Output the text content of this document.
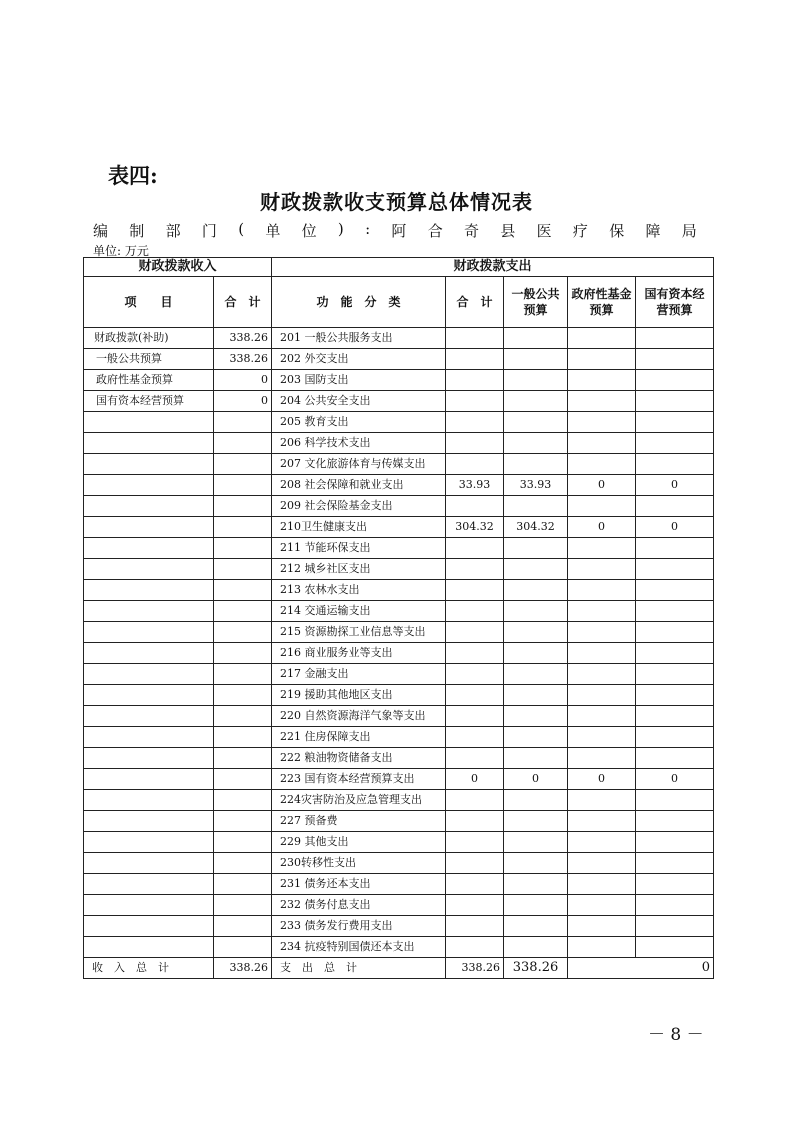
表四:
财政拨款收支预算总体情况表
编 制 部 门 ( 单 位 ) : 阿 合 奇 县 医 疗 保 障 局
单位: 万元
财政拨款收入		财政拨款支出				
项　　目	合　计	功　能　分　类	合　计	一般公共预算	政府性基金预算	国有资本经营预算
财政拨款(补助)	338.26	201 一般公共服务支出				
一般公共预算	338.26	202 外交支出				
政府性基金预算	0	203 国防支出				
国有资本经营预算	0	204 公共安全支出				
		205 教育支出				
		206 科学技术支出				
		207 文化旅游体育与传媒支出				
		208 社会保障和就业支出	33.93	33.93	0	0
		209 社会保险基金支出				
		210卫生健康支出	304.32	304.32	0	0
		211 节能环保支出				
		212 城乡社区支出				
		213 农林水支出				
		214 交通运输支出				
		215 资源勘探工业信息等支出				
		216 商业服务业等支出				
		217 金融支出				
		219 援助其他地区支出				
		220 自然资源海洋气象等支出				
		221 住房保障支出				
		222 粮油物资储备支出				
		223 国有资本经营预算支出	0	0	0	0
		224灾害防治及应急管理支出				
		227 预备费				
		229 其他支出				
		230转移性支出				
		231 债务还本支出				
		232 债务付息支出				
		233 债务发行费用支出				
		234 抗疫特别国债还本支出				
收　入　总　计	338.26	支　出　总　计	338.26	338.26	0	
－ 8 －
